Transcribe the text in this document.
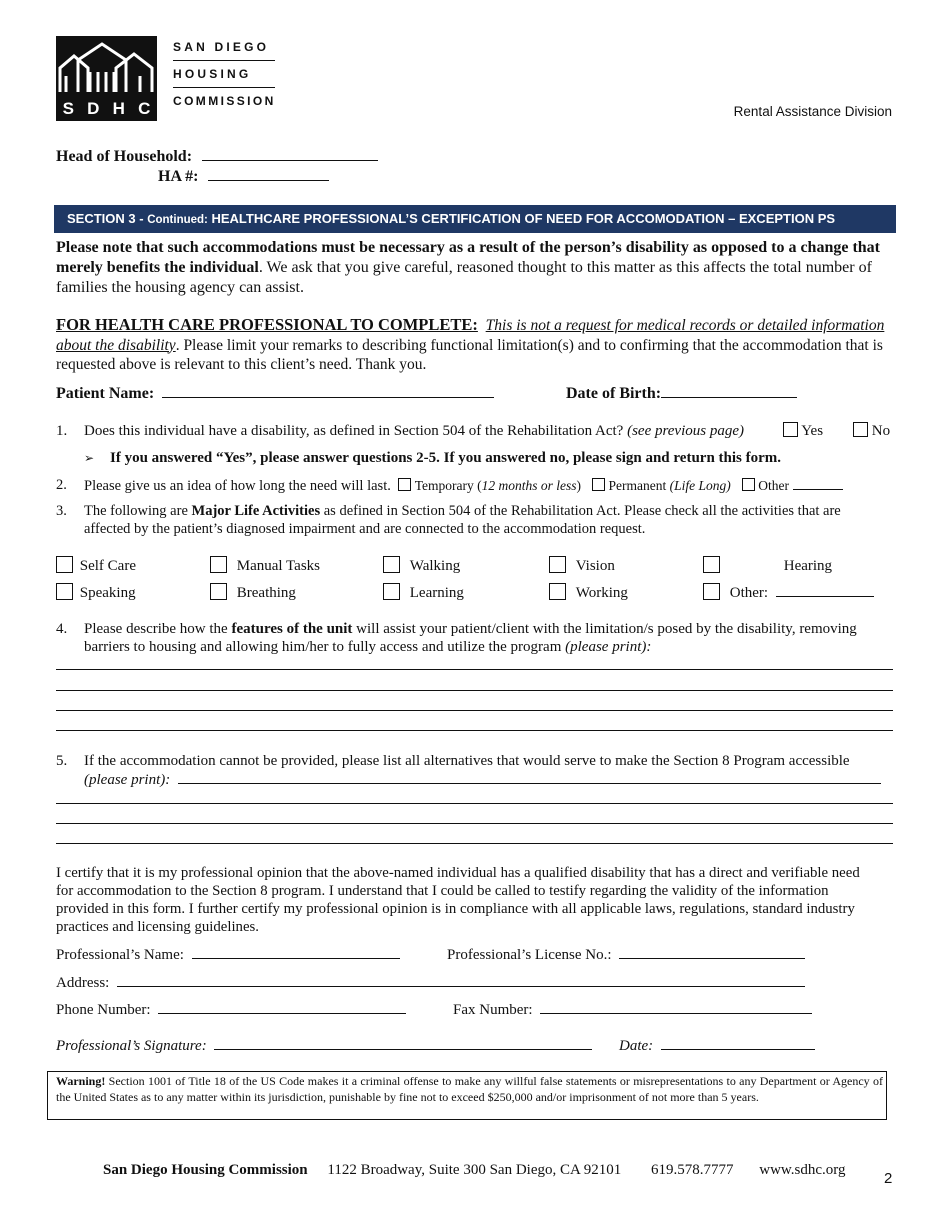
S D H C
SAN DIEGO
HOUSING
COMMISSION
Rental Assistance Division
Head of Household:
HA #:
SECTION 3 - Continued: HEALTHCARE PROFESSIONAL’S CERTIFICATION OF NEED FOR ACCOMODATION – EXCEPTION PS
Please note that such accommodations must be necessary as a result of the person’s disability as opposed to a change that merely benefits the individual. We ask that you give careful, reasoned thought to this matter as this affects the total number of families the housing agency can assist.
FOR HEALTH CARE PROFESSIONAL TO COMPLETE: This is not a request for medical records or detailed information about the disability. Please limit your remarks to describing functional limitation(s) and to confirming that the accommodation that is requested above is relevant to this client’s need. Thank you.
Patient Name:	Date of Birth:
1. Does this individual have a disability, as defined in Section 504 of the Rehabilitation Act? (see previous page)	Yes	No
➢ If you answered “Yes”, please answer questions 2-5. If you answered no, please sign and return this form.
2. Please give us an idea of how long the need will last. Temporary (12 months or less) Permanent (Life Long) Other
3. The following are Major Life Activities as defined in Section 504 of the Rehabilitation Act. Please check all the activities that are affected by the patient’s diagnosed impairment and are connected to the accommodation request.
Self Care	Manual Tasks	Walking	Vision	Hearing
Speaking	Breathing	Learning	Working	Other:
4. Please describe how the features of the unit will assist your patient/client with the limitation/s posed by the disability, removing barriers to housing and allowing him/her to fully access and utilize the program (please print):
5. If the accommodation cannot be provided, please list all alternatives that would serve to make the Section 8 Program accessible
(please print):
I certify that it is my professional opinion that the above-named individual has a qualified disability that has a direct and verifiable need for accommodation to the Section 8 program. I understand that I could be called to testify regarding the validity of the information provided in this form. I further certify my professional opinion is in compliance with all applicable laws, regulations, standard industry practices and licensing guidelines.
Professional’s Name:	Professional’s License No.:
Address:
Phone Number:	Fax Number:
Professional’s Signature:	Date:
Warning! Section 1001 of Title 18 of the US Code makes it a criminal offense to make any willful false statements or misrepresentations to any Department or Agency of the United States as to any matter within its jurisdiction, punishable by fine not to exceed $250,000 and/or imprisonment of not more than 5 years.
San Diego Housing Commission 1122 Broadway, Suite 300 San Diego, CA 92101 619.578.7777 www.sdhc.org	2
